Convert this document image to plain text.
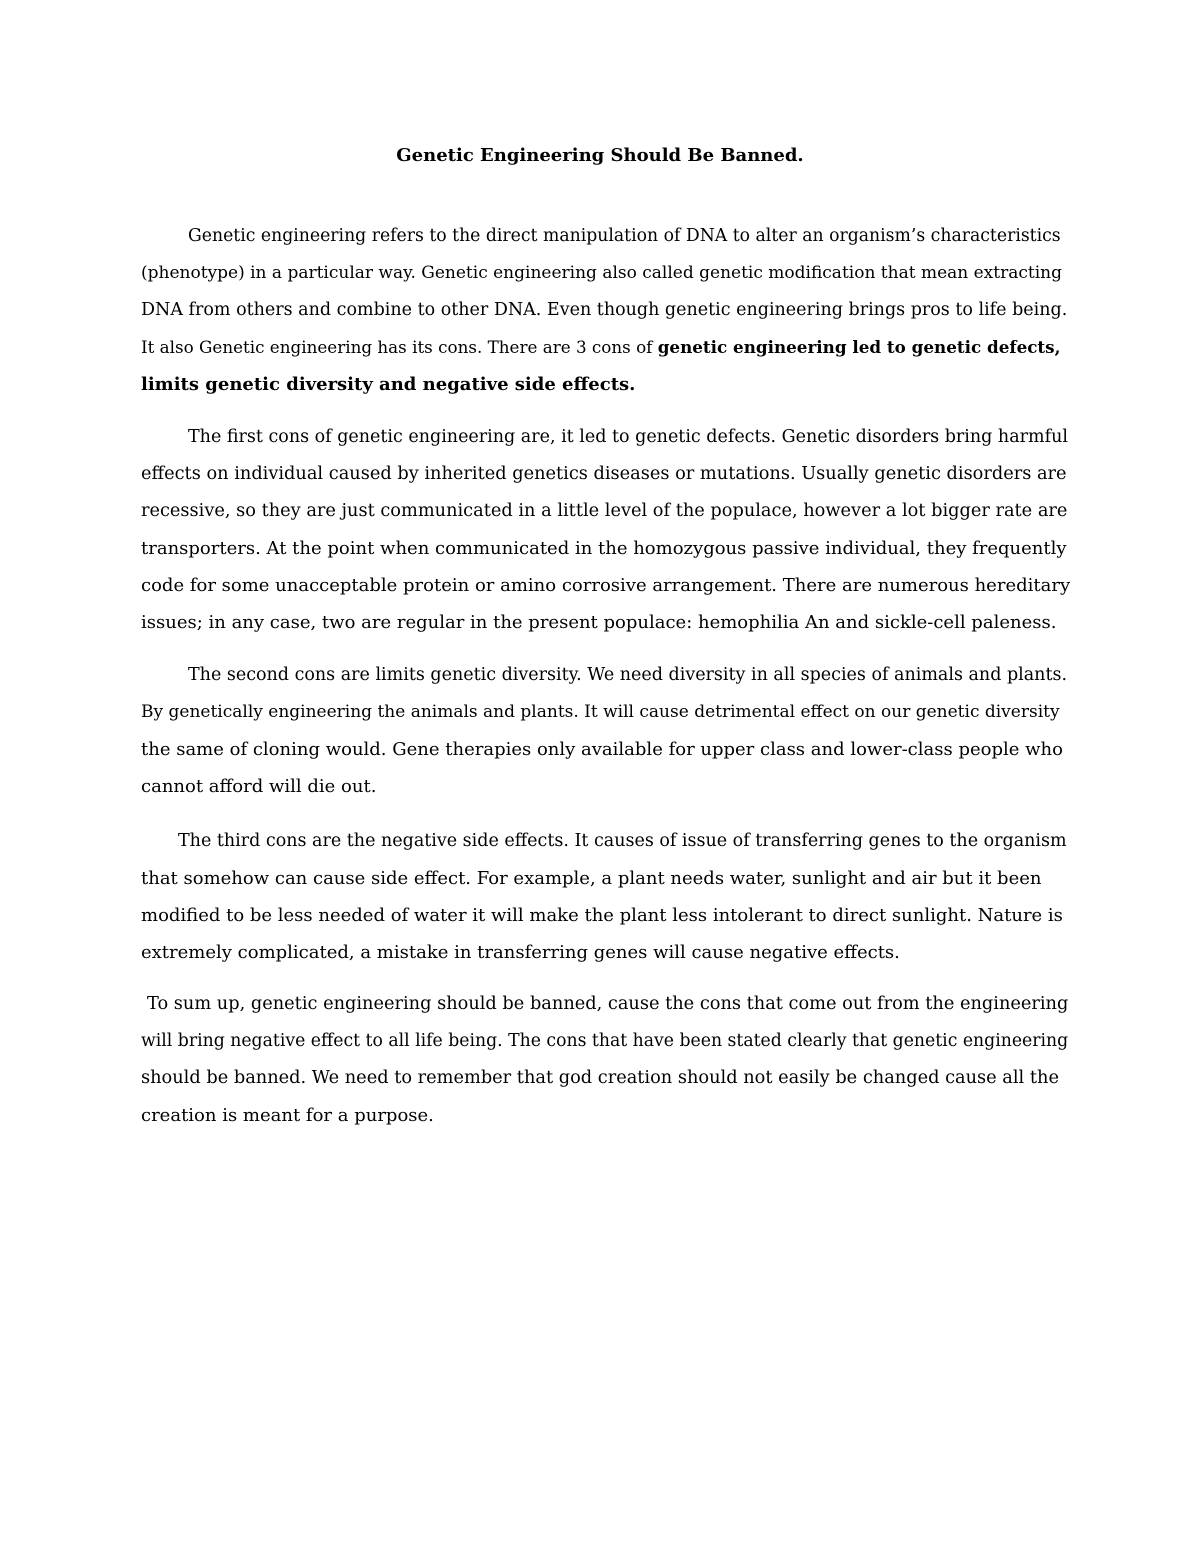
Genetic Engineering Should Be Banned.

Genetic engineering refers to the direct manipulation of DNA to alter an organism’s characteristics
(phenotype) in a particular way. Genetic engineering also called genetic modification that mean extracting
DNA from others and combine to other DNA. Even though genetic engineering brings pros to life being.
It also Genetic engineering has its cons. There are 3 cons of genetic engineering led to genetic defects,
limits genetic diversity and negative side effects.

The first cons of genetic engineering are, it led to genetic defects. Genetic disorders bring harmful
effects on individual caused by inherited genetics diseases or mutations. Usually genetic disorders are
recessive, so they are just communicated in a little level of the populace, however a lot bigger rate are
transporters. At the point when communicated in the homozygous passive individual, they frequently
code for some unacceptable protein or amino corrosive arrangement. There are numerous hereditary
issues; in any case, two are regular in the present populace: hemophilia An and sickle-cell paleness.

The second cons are limits genetic diversity. We need diversity in all species of animals and plants.
By genetically engineering the animals and plants. It will cause detrimental effect on our genetic diversity
the same of cloning would. Gene therapies only available for upper class and lower-class people who
cannot afford will die out.

The third cons are the negative side effects. It causes of issue of transferring genes to the organism
that somehow can cause side effect. For example, a plant needs water, sunlight and air but it been
modified to be less needed of water it will make the plant less intolerant to direct sunlight. Nature is
extremely complicated, a mistake in transferring genes will cause negative effects.

To sum up, genetic engineering should be banned, cause the cons that come out from the engineering
will bring negative effect to all life being. The cons that have been stated clearly that genetic engineering
should be banned. We need to remember that god creation should not easily be changed cause all the
creation is meant for a purpose.
